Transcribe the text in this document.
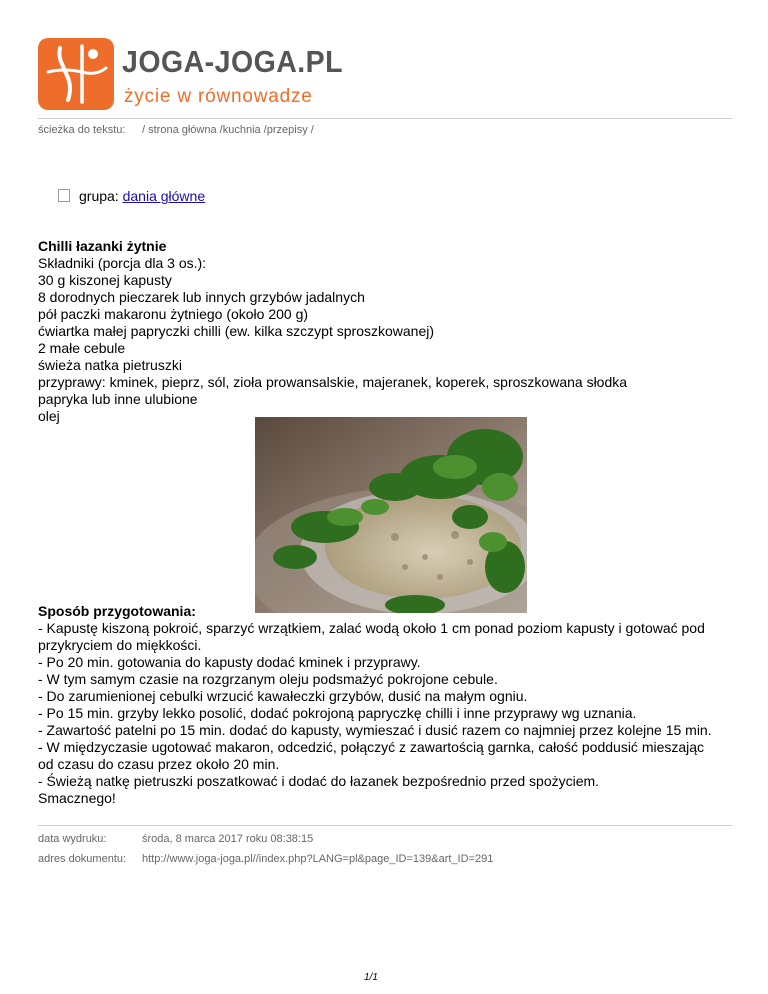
JOGA-JOGA.PL
życie w równowadze
ścieżka do tekstu: / strona główna /kuchnia /przepisy /
grupa: dania główne
Chilli łazanki żytnie
Składniki (porcja dla 3 os.):
30 g kiszonej kapusty
8 dorodnych pieczarek lub innych grzybów jadalnych
pół paczki makaronu żytniego (około 200 g)
ćwiartka małej papryczki chilli (ew. kilka szczypt sproszkowanej)
2 małe cebule
świeża natka pietruszki
przyprawy: kminek, pieprz, sól, zioła prowansalskie, majeranek, koperek, sproszkowana słodka
papryka lub inne ulubione
olej
Sposób przygotowania:
- Kapustę kiszoną pokroić, sparzyć wrzątkiem, zalać wodą około 1 cm ponad poziom kapusty i gotować pod
przykryciem do miękkości.
- Po 20 min. gotowania do kapusty dodać kminek i przyprawy.
- W tym samym czasie na rozgrzanym oleju podsmażyć pokrojone cebule.
- Do zarumienionej cebulki wrzucić kawałeczki grzybów, dusić na małym ogniu.
- Po 15 min. grzyby lekko posolić, dodać pokrojoną papryczkę chilli i inne przyprawy wg uznania.
- Zawartość patelni po 15 min. dodać do kapusty, wymieszać i dusić razem co najmniej przez kolejne 15 min.
- W międzyczasie ugotować makaron, odcedzić, połączyć z zawartością garnka, całość poddusić mieszając
od czasu do czasu przez około 20 min.
- Świeżą natkę pietruszki poszatkować i dodać do łazanek bezpośrednio przed spożyciem.
Smacznego!
data wydruku:	środa, 8 marca 2017 roku 08:38:15
adres dokumentu: http://www.joga-joga.pl//index.php?LANG=pl&page_ID=139&art_ID=291
1/1
